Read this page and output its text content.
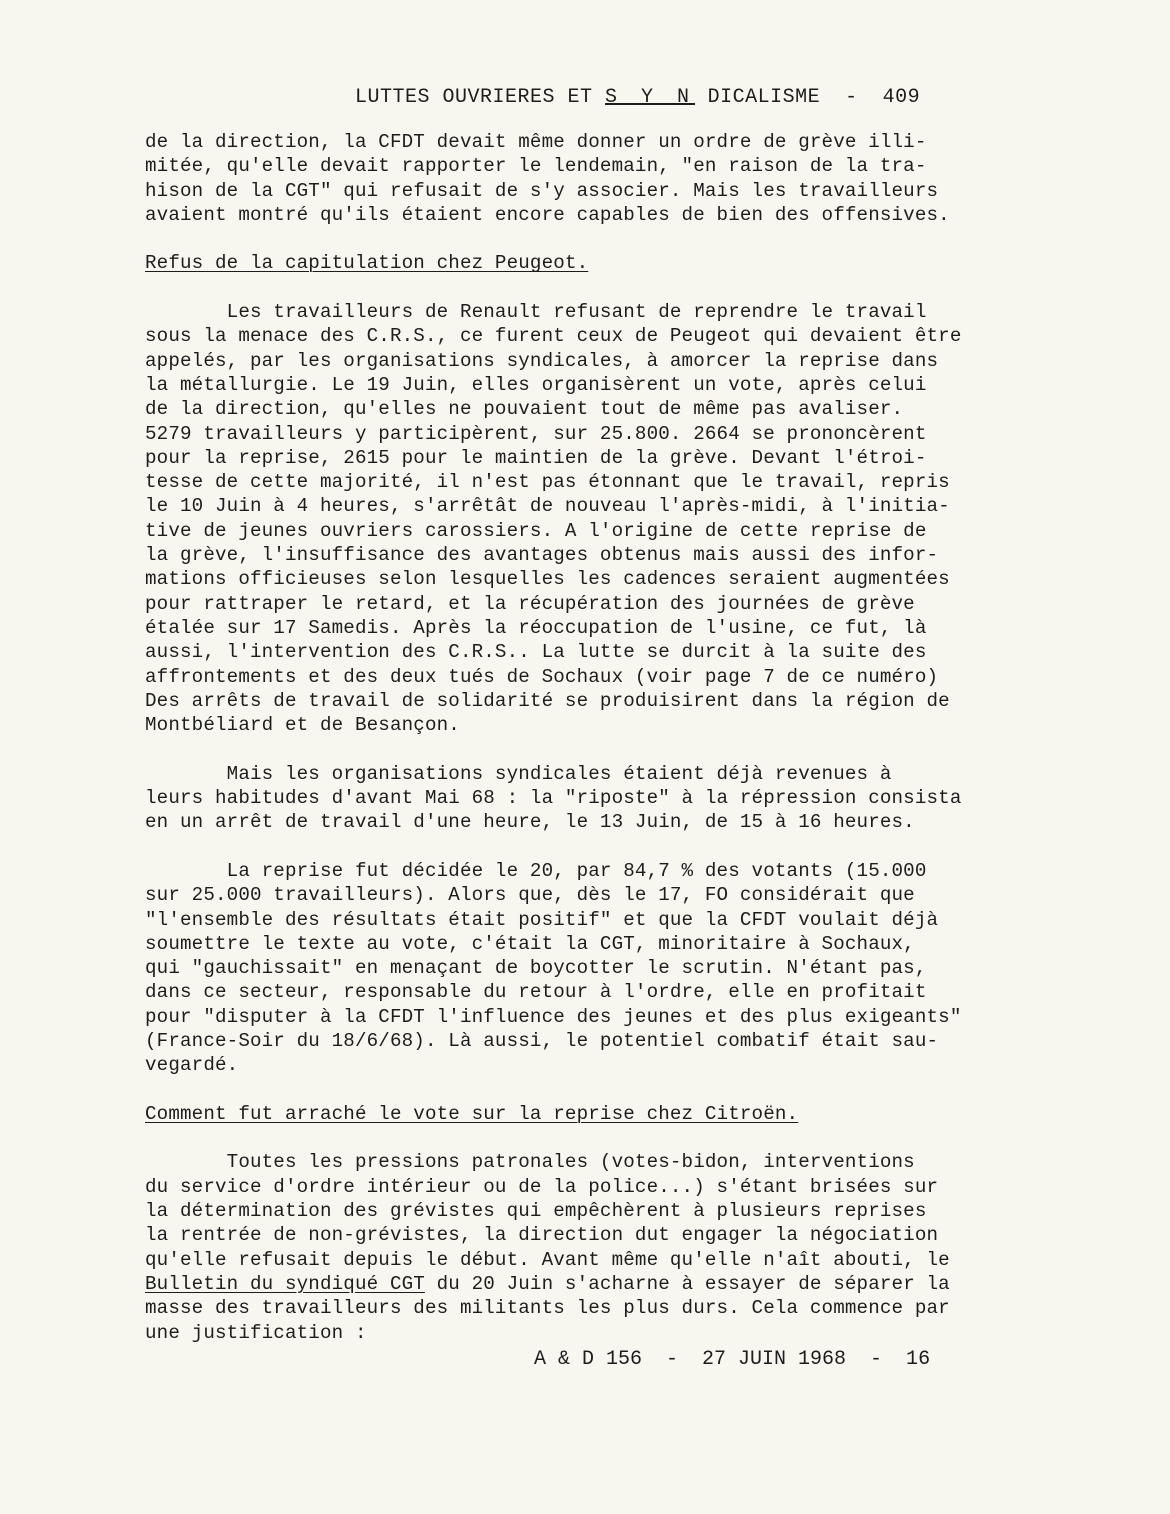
LUTTES OUVRIERES ET S Y N DICALISME  -  409
de la direction, la CFDT devait même donner un ordre de grève illi-
mitée, qu'elle devait rapporter le lendemain, "en raison de la tra-
hison de la CGT" qui refusait de s'y associer. Mais les travailleurs
avaient montré qu'ils étaient encore capables de bien des offensives.
Refus de la capitulation chez Peugeot.
Les travailleurs de Renault refusant de reprendre le travail
sous la menace des C.R.S., ce furent ceux de Peugeot qui devaient être
appelés, par les organisations syndicales, à amorcer la reprise dans
la métallurgie. Le 19 Juin, elles organisèrent un vote, après celui
de la direction, qu'elles ne pouvaient tout de même pas avaliser.
5279 travailleurs y participèrent, sur 25.800. 2664 se prononcèrent
pour la reprise, 2615 pour le maintien de la grève. Devant l'étroi-
tesse de cette majorité, il n'est pas étonnant que le travail, repris
le 10 Juin à 4 heures, s'arrêtât de nouveau l'après-midi, à l'initia-
tive de jeunes ouvriers carossiers. A l'origine de cette reprise de
la grève, l'insuffisance des avantages obtenus mais aussi des infor-
mations officieuses selon lesquelles les cadences seraient augmentées
pour rattraper le retard, et la récupération des journées de grève
étalée sur 17 Samedis. Après la réoccupation de l'usine, ce fut, là
aussi, l'intervention des C.R.S.. La lutte se durcit à la suite des
affrontements et des deux tués de Sochaux (voir page 7 de ce numéro)
Des arrêts de travail de solidarité se produisirent dans la région de
Montbéliard et de Besançon.
Mais les organisations syndicales étaient déjà revenues à
leurs habitudes d'avant Mai 68 : la "riposte" à la répression consista
en un arrêt de travail d'une heure, le 13 Juin, de 15 à 16 heures.
La reprise fut décidée le 20, par 84,7 % des votants (15.000
sur 25.000 travailleurs). Alors que, dès le 17, FO considérait que
"l'ensemble des résultats était positif" et que la CFDT voulait déjà
soumettre le texte au vote, c'était la CGT, minoritaire à Sochaux,
qui "gauchissait" en menaçant de boycotter le scrutin. N'étant pas,
dans ce secteur, responsable du retour à l'ordre, elle en profitait
pour "disputer à la CFDT l'influence des jeunes et des plus exigeants"
(France-Soir du 18/6/68). Là aussi, le potentiel combatif était sau-
vegardé.
Comment fut arraché le vote sur la reprise chez Citroën.
Toutes les pressions patronales (votes-bidon, interventions
du service d'ordre intérieur ou de la police...) s'étant brisées sur
la détermination des grévistes qui empêchèrent à plusieurs reprises
la rentrée de non-grévistes, la direction dut engager la négociation
qu'elle refusait depuis le début. Avant même qu'elle n'aît abouti, le
Bulletin du syndiqué CGT du 20 Juin s'acharne à essayer de séparer la
masse des travailleurs des militants les plus durs. Cela commence par
une justification :
A & D 156  -  27 JUIN 1968  -  16
